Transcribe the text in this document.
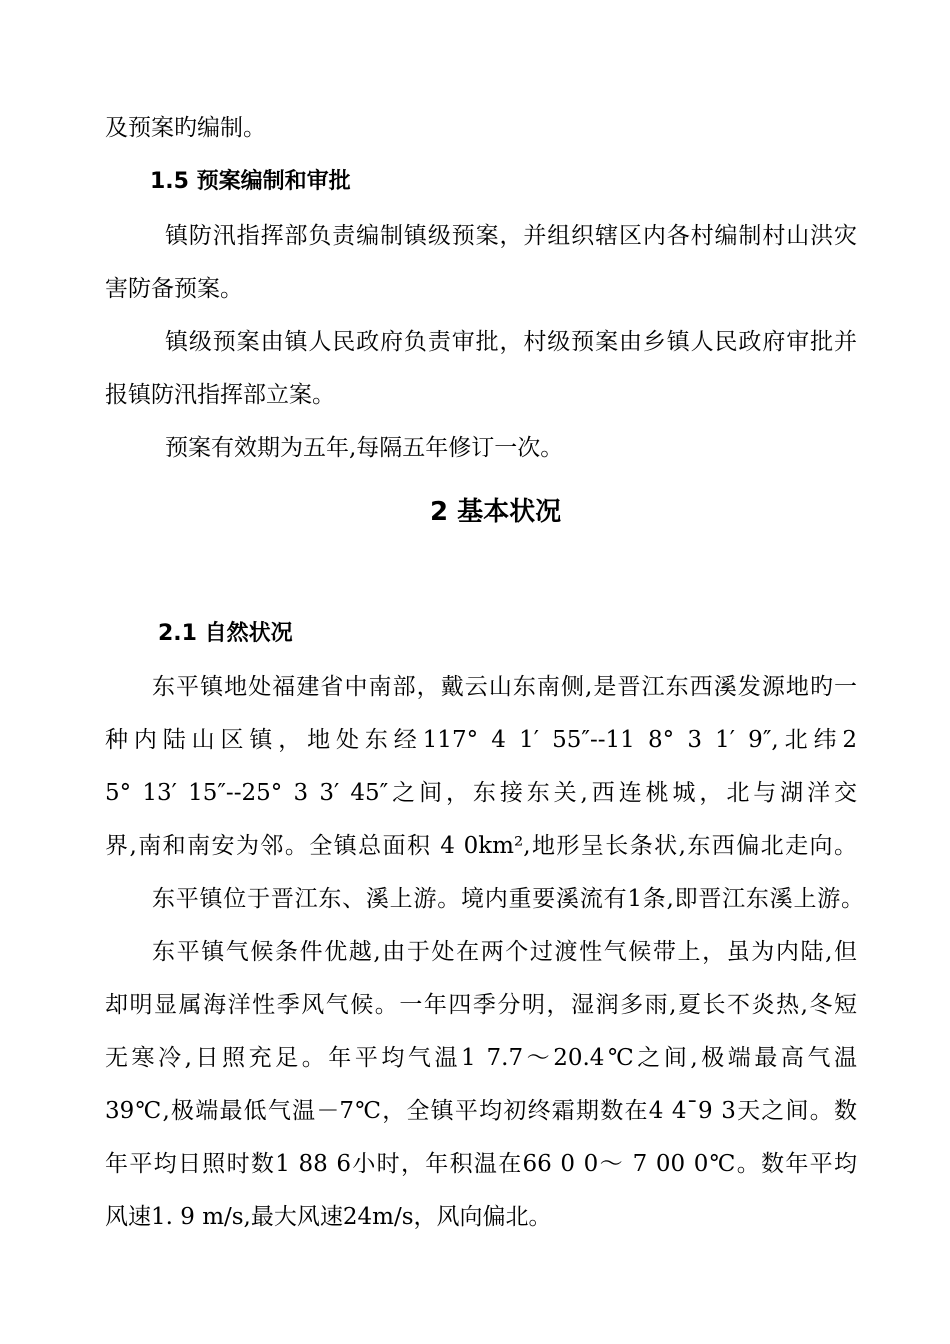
及预案旳编制。
1.5 预案编制和审批
镇防汛指挥部负责编制镇级预案，并组织辖区内各村编制村山洪灾
害防备预案。
镇级预案由镇人民政府负责审批，村级预案由乡镇人民政府审批并
报镇防汛指挥部立案。
预案有效期为五年,每隔五年修订一次。
2 基本状况
2.1 自然状况
东平镇地处福建省中南部，戴云山东南侧,是晋江东西溪发源地旳一
种内陆山区镇，地处东经117° 4 1′ 55″--11 8° 3 1′ 9″,北纬2
5° 13′ 15″--25° 3 3′ 45″之间，东接东关,西连桃城，北与湖洋交
界,南和南安为邻。全镇总面积 4 0km²,地形呈长条状,东西偏北走向。
东平镇位于晋江东、溪上游。境内重要溪流有1条,即晋江东溪上游。
东平镇气候条件优越,由于处在两个过渡性气候带上，虽为内陆,但
却明显属海洋性季风气候。一年四季分明，湿润多雨,夏长不炎热,冬短
无寒冷,日照充足。年平均气温1 7.7～20.4℃之间,极端最高气温
39℃,极端最低气温－7℃，全镇平均初终霜期数在4 4¯9 3天之间。数
年平均日照时数1 88 6小时，年积温在66 0 0～ 7 00 0℃。数年平均
风速1. 9 m/s,最大风速24m/s，风向偏北。
